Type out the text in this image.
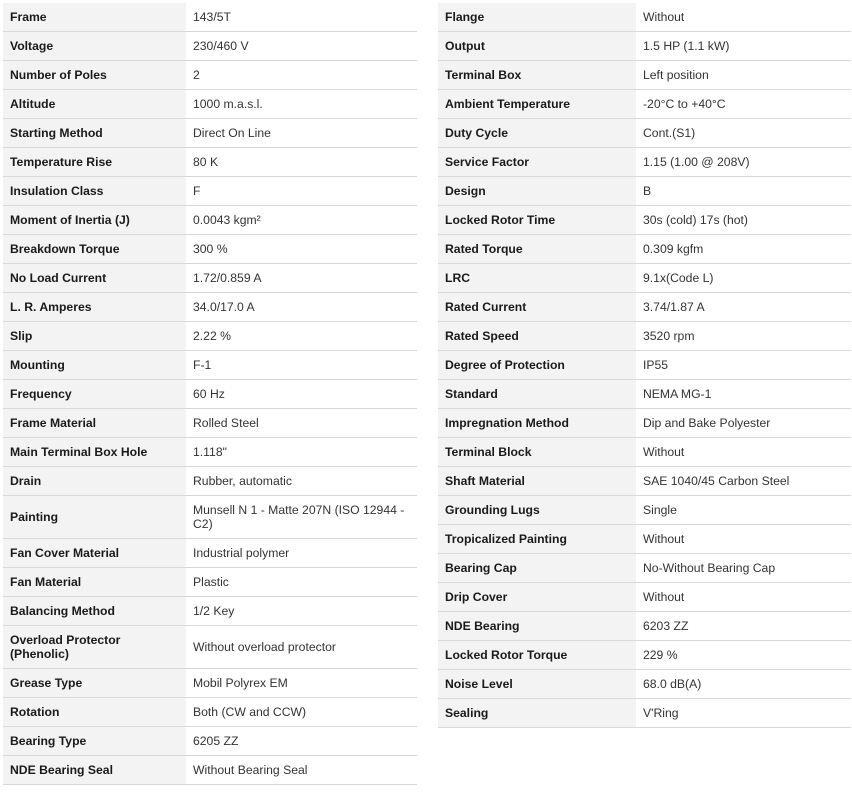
Frame	143/5T
Voltage	230/460 V
Number of Poles	2
Altitude	1000 m.a.s.l.
Starting Method	Direct On Line
Temperature Rise	80 K
Insulation Class	F
Moment of Inertia (J)	0.0043 kgm²
Breakdown Torque	300 %
No Load Current	1.72/0.859 A
L. R. Amperes	34.0/17.0 A
Slip	2.22 %
Mounting	F-1
Frequency	60 Hz
Frame Material	Rolled Steel
Main Terminal Box Hole	1.118"
Drain	Rubber, automatic
Painting	Munsell N 1 - Matte 207N (ISO 12944 - C2)
Fan Cover Material	Industrial polymer
Fan Material	Plastic
Balancing Method	1/2 Key
Overload Protector (Phenolic)	Without overload protector
Grease Type	Mobil Polyrex EM
Rotation	Both (CW and CCW)
Bearing Type	6205 ZZ
NDE Bearing Seal	Without Bearing Seal
Flange	Without
Output	1.5 HP (1.1 kW)
Terminal Box	Left position
Ambient Temperature	-20°C to +40°C
Duty Cycle	Cont.(S1)
Service Factor	1.15 (1.00 @ 208V)
Design	B
Locked Rotor Time	30s (cold) 17s (hot)
Rated Torque	0.309 kgfm
LRC	9.1x(Code L)
Rated Current	3.74/1.87 A
Rated Speed	3520 rpm
Degree of Protection	IP55
Standard	NEMA MG-1
Impregnation Method	Dip and Bake Polyester
Terminal Block	Without
Shaft Material	SAE 1040/45 Carbon Steel
Grounding Lugs	Single
Tropicalized Painting	Without
Bearing Cap	No-Without Bearing Cap
Drip Cover	Without
NDE Bearing	6203 ZZ
Locked Rotor Torque	229 %
Noise Level	68.0 dB(A)
Sealing	V'Ring
